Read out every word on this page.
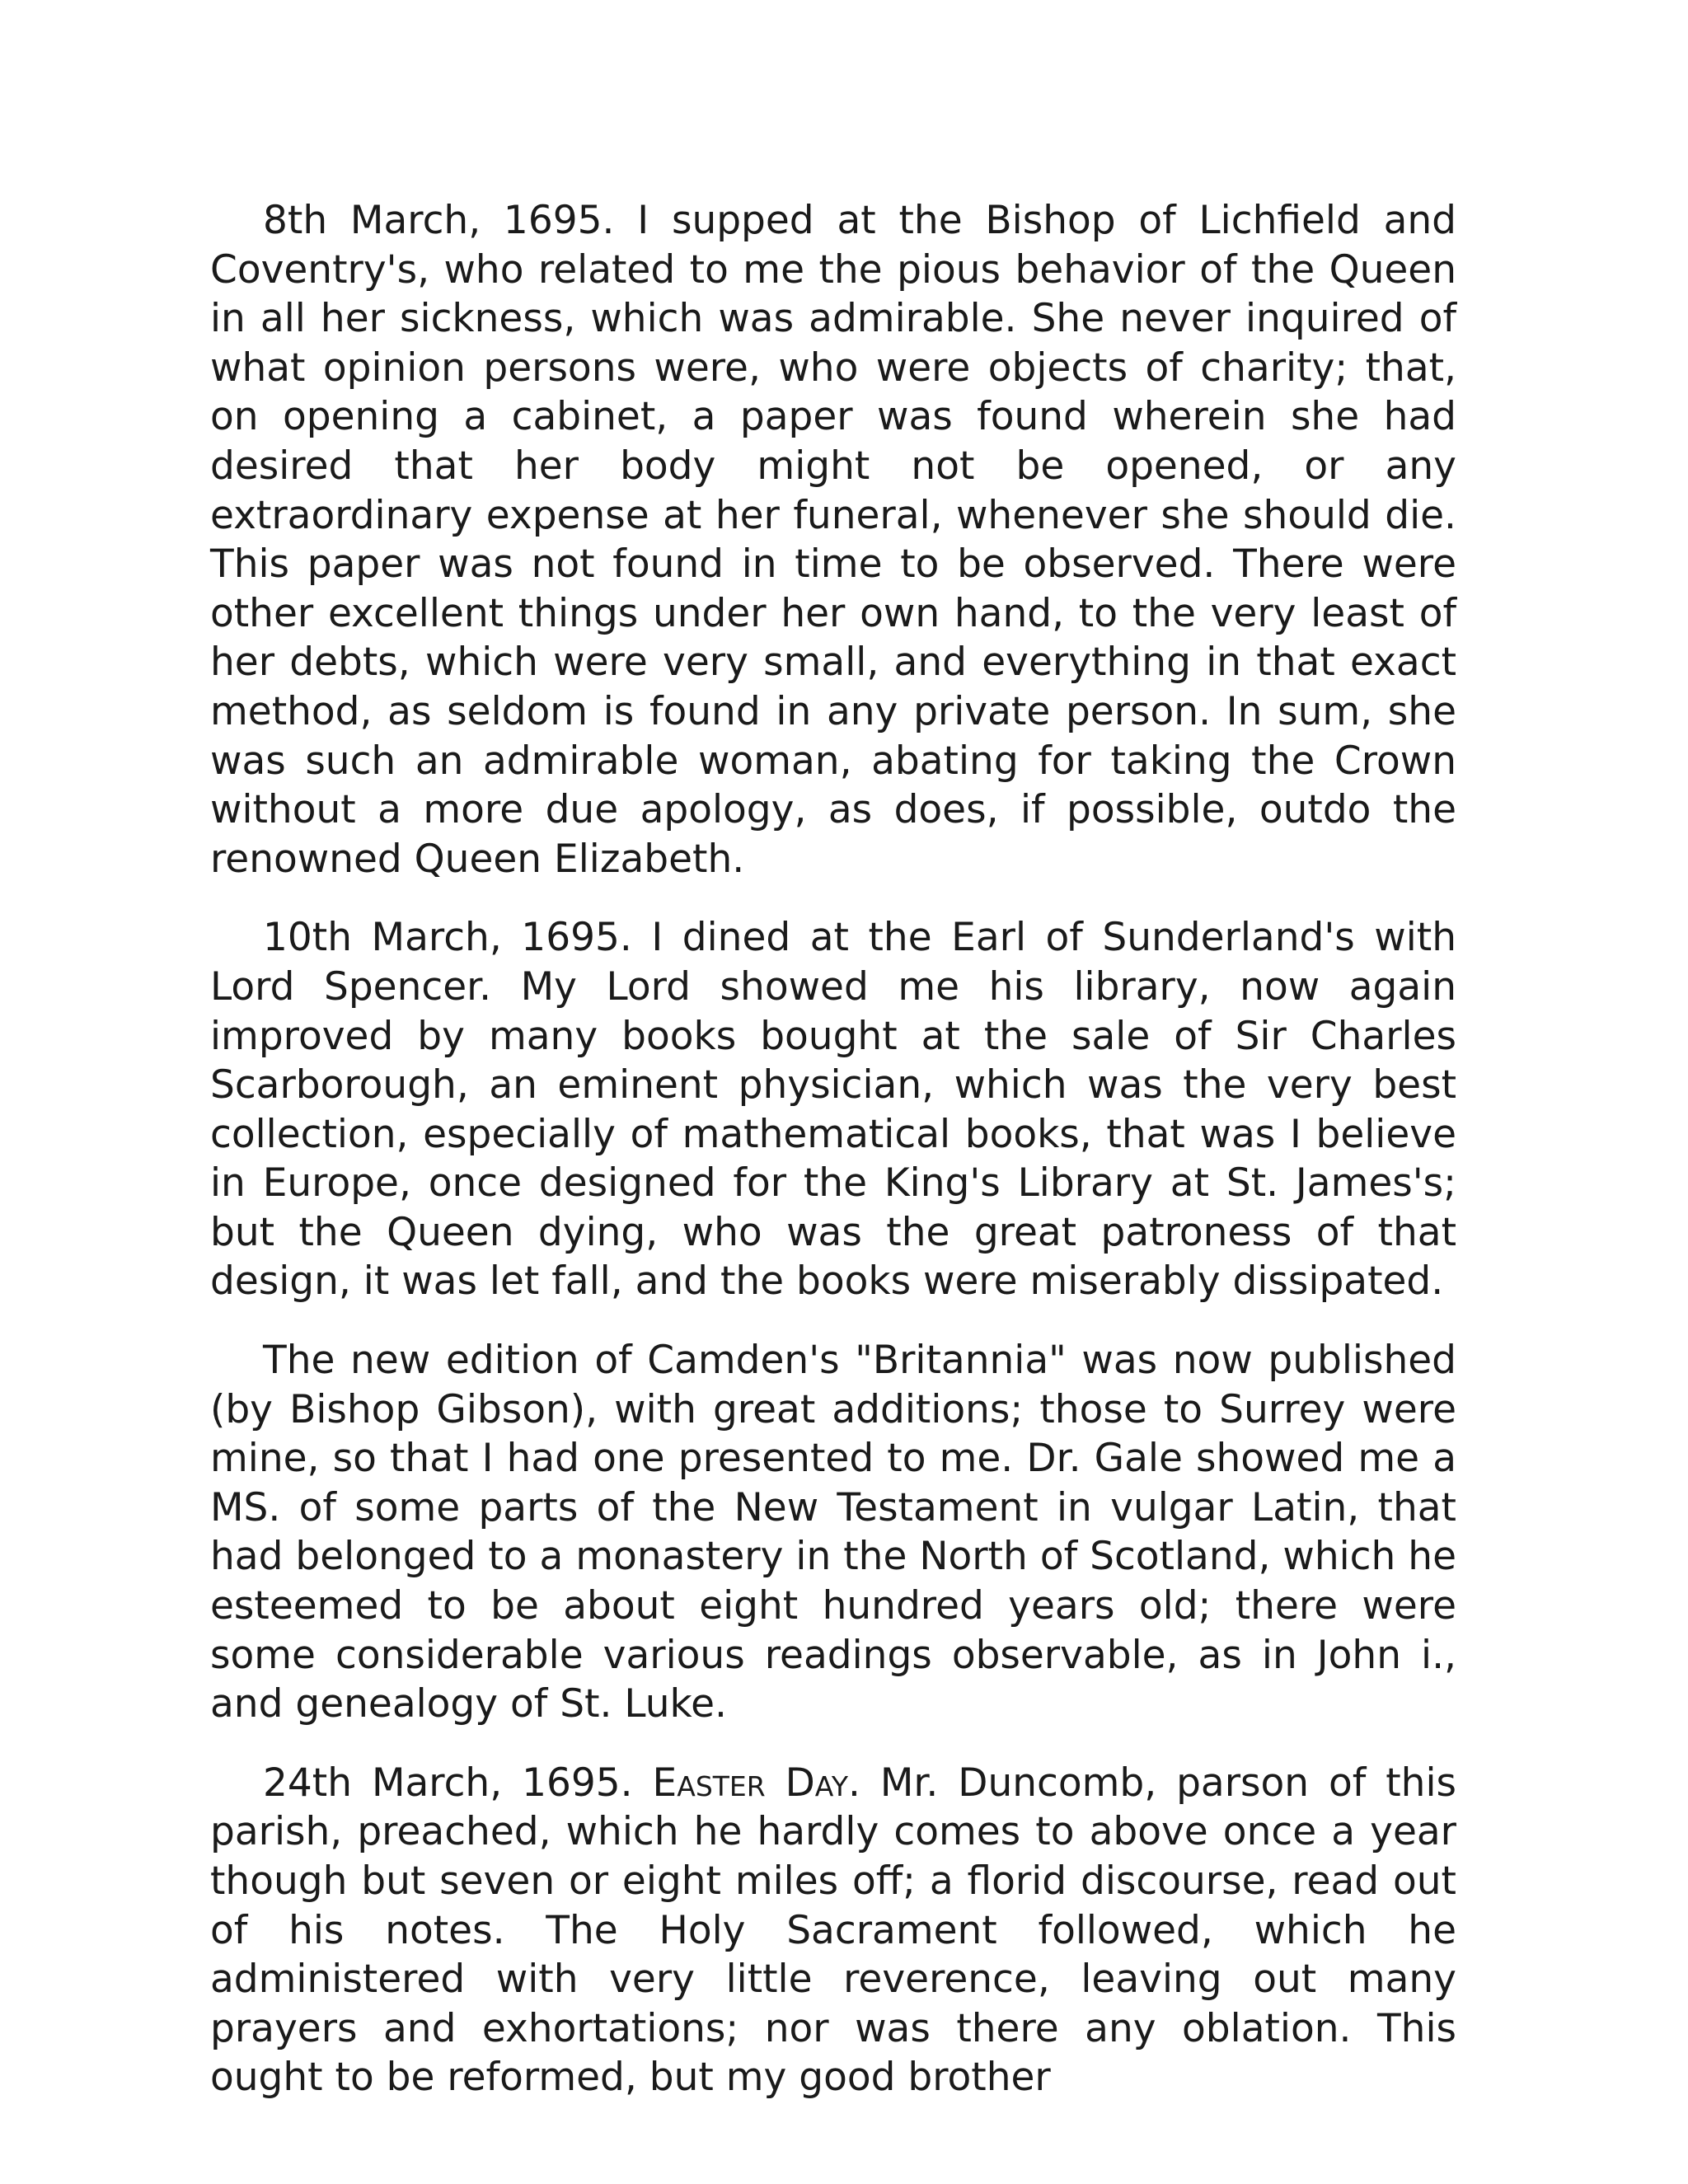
8th March, 1695. I supped at the Bishop of Lichfield and Coventry's, who related to me the pious behavior of the Queen in all her sickness, which was admirable. She never inquired of what opinion persons were, who were objects of charity; that, on opening a cabinet, a paper was found wherein she had desired that her body might not be opened, or any extraordinary expense at her funeral, whenever she should die. This paper was not found in time to be observed. There were other excellent things under her own hand, to the very least of her debts, which were very small, and everything in that exact method, as seldom is found in any private person. In sum, she was such an admirable woman, abating for taking the Crown without a more due apology, as does, if possible, outdo the renowned Queen Elizabeth.

10th March, 1695. I dined at the Earl of Sunderland's with Lord Spencer. My Lord showed me his library, now again improved by many books bought at the sale of Sir Charles Scarborough, an eminent physician, which was the very best collection, especially of mathematical books, that was I believe in Europe, once designed for the King's Library at St. James's; but the Queen dying, who was the great patroness of that design, it was let fall, and the books were miserably dissipated.

The new edition of Camden's "Britannia" was now published (by Bishop Gibson), with great additions; those to Surrey were mine, so that I had one presented to me. Dr. Gale showed me a MS. of some parts of the New Testament in vulgar Latin, that had belonged to a monastery in the North of Scotland, which he esteemed to be about eight hundred years old; there were some considerable various readings observable, as in John i., and genealogy of St. Luke.

24th March, 1695. Easter Day. Mr. Duncomb, parson of this parish, preached, which he hardly comes to above once a year though but seven or eight miles off; a florid discourse, read out of his notes. The Holy Sacrament followed, which he administered with very little reverence, leaving out many prayers and exhortations; nor was there any oblation. This ought to be reformed, but my good brother
